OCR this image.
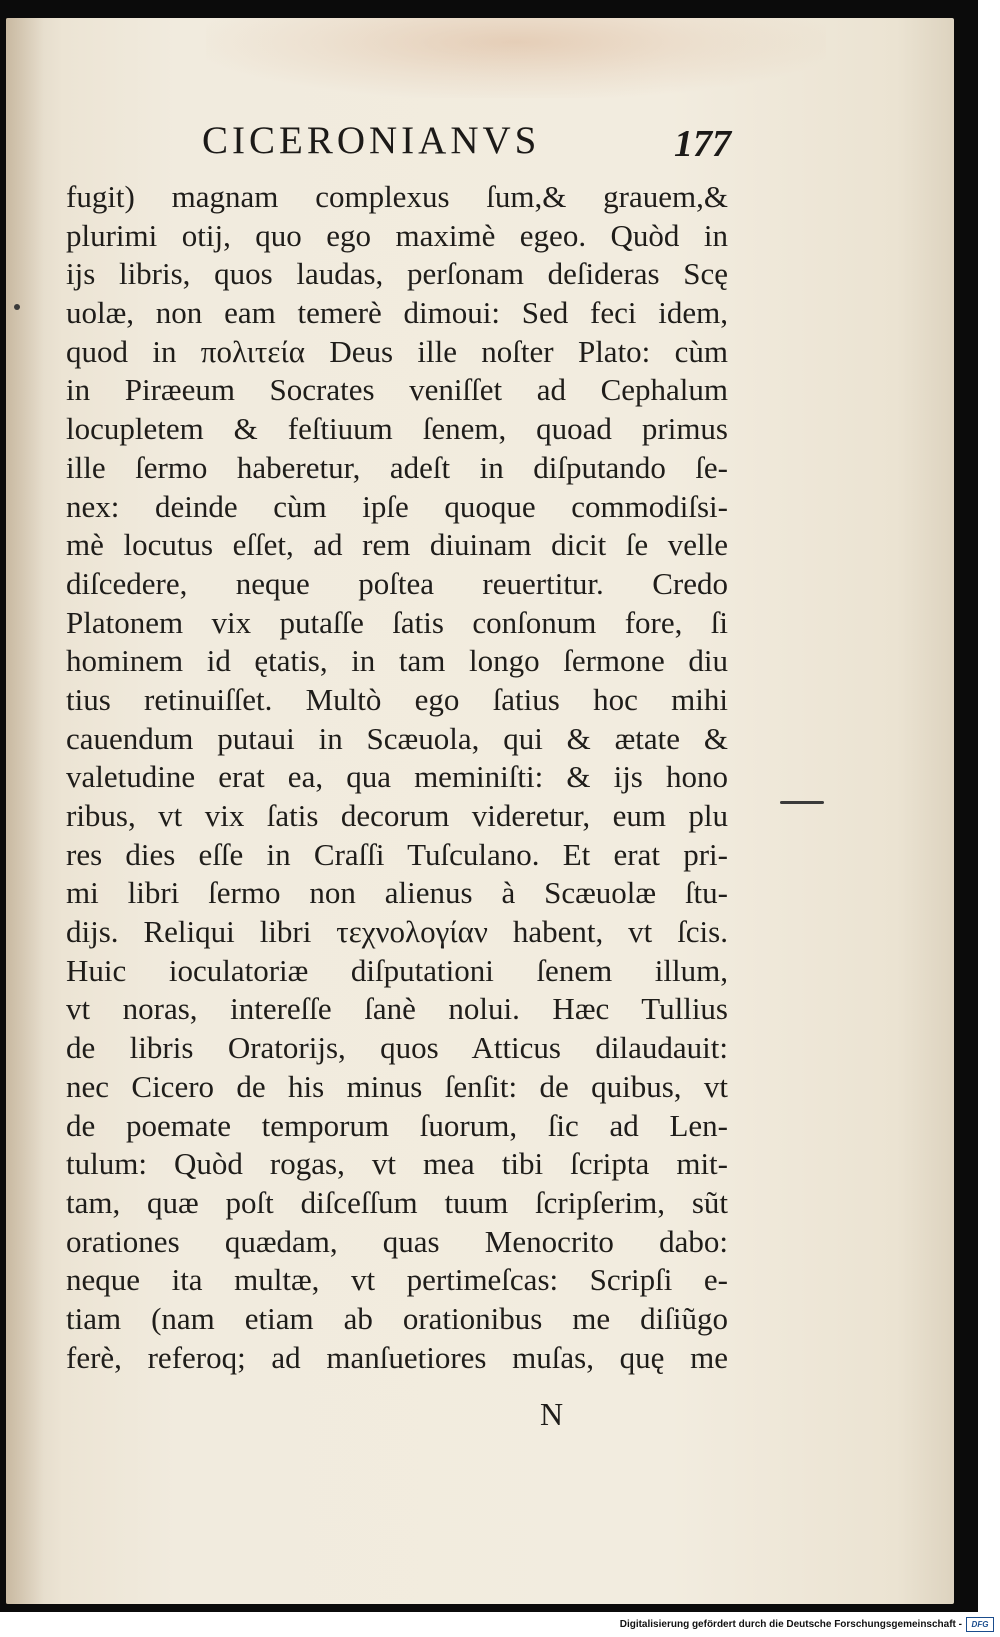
CICERONIANVS	177
fugit) magnam complexus ſum,& grauem,&
plurimi otij, quo ego maximè egeo. Quòd in
ijs libris, quos laudas, perſonam deſideras Scę
uolæ, non eam temerè dimoui: Sed feci idem,
quod in πολιτεία Deus ille noſter Plato: cùm
in Piræeum Socrates veniſſet ad Cephalum
locupletem & feſtiuum ſenem, quoad primus
ille ſermo haberetur, adeſt in diſputando ſe-
nex: deinde cùm ipſe quoque commodiſsi-
mè locutus eſſet, ad rem diuinam dicit ſe velle
diſcedere, neque poſtea reuertitur. Credo
Platonem vix putaſſe ſatis conſonum fore, ſi
hominem id ętatis, in tam longo ſermone diu
tius retinuiſſet. Multò ego ſatius hoc mihi
cauendum putaui in Scæuola, qui & ætate &
valetudine erat ea, qua meminiſti: & ijs hono
ribus, vt vix ſatis decorum videretur, eum plu
res dies eſſe in Craſſi Tuſculano. Et erat pri-
mi libri ſermo non alienus à Scæuolæ ſtu-
dijs. Reliqui libri τεχνολογίαν habent, vt ſcis.
Huic ioculatoriæ diſputationi ſenem illum,
vt noras, intereſſe ſanè nolui. Hæc Tullius
de libris Oratorijs, quos Atticus dilaudauit:
nec Cicero de his minus ſenſit: de quibus, vt
de poemate temporum ſuorum, ſic ad Len-
tulum: Quòd rogas, vt mea tibi ſcripta mit-
tam, quæ poſt diſceſſum tuum ſcripſerim, sũt
orationes quædam, quas Menocrito dabo:
neque ita multæ, vt pertimeſcas: Scripſi e-
tiam (nam etiam ab orationibus me diſiũgo
ferè, referoq; ad manſuetiores muſas, quę me
N
Digitalisierung gefördert durch die Deutsche Forschungsgemeinschaft -	DFG
